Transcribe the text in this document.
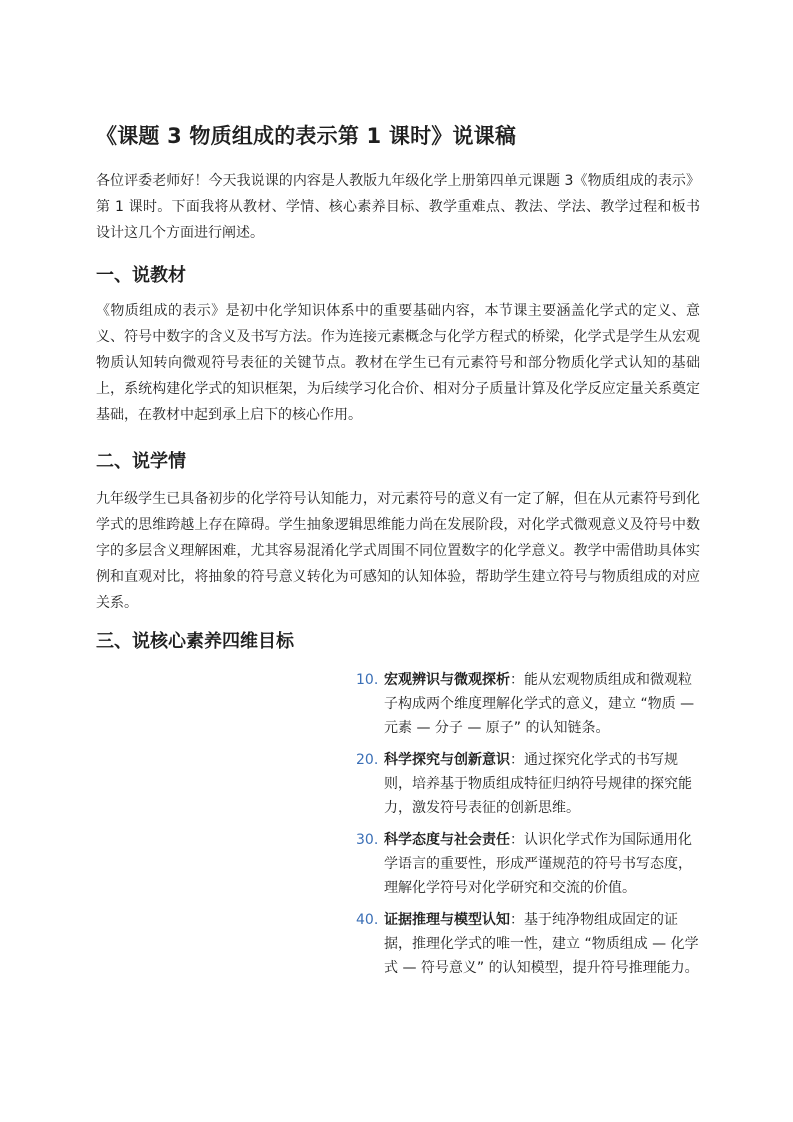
《课题 3 物质组成的表示第 1 课时》说课稿

各位评委老师好！今天我说课的内容是人教版九年级化学上册第四单元课题 3《物质组成的表示》第 1 课时。下面我将从教材、学情、核心素养目标、教学重难点、教法、学法、教学过程和板书设计这几个方面进行阐述。

一、说教材

《物质组成的表示》是初中化学知识体系中的重要基础内容，本节课主要涵盖化学式的定义、意义、符号中数字的含义及书写方法。作为连接元素概念与化学方程式的桥梁，化学式是学生从宏观物质认知转向微观符号表征的关键节点。教材在学生已有元素符号和部分物质化学式认知的基础上，系统构建化学式的知识框架，为后续学习化合价、相对分子质量计算及化学反应定量关系奠定基础，在教材中起到承上启下的核心作用。

二、说学情

九年级学生已具备初步的化学符号认知能力，对元素符号的意义有一定了解，但在从元素符号到化学式的思维跨越上存在障碍。学生抽象逻辑思维能力尚在发展阶段，对化学式微观意义及符号中数字的多层含义理解困难，尤其容易混淆化学式周围不同位置数字的化学意义。教学中需借助具体实例和直观对比，将抽象的符号意义转化为可感知的认知体验，帮助学生建立符号与物质组成的对应关系。

三、说核心素养四维目标
10. 宏观辨识与微观探析：能从宏观物质组成和微观粒子构成两个维度理解化学式的意义，建立 “物质 — 元素 — 分子 — 原子” 的认知链条。
20. 科学探究与创新意识：通过探究化学式的书写规则，培养基于物质组成特征归纳符号规律的探究能力，激发符号表征的创新思维。
30. 科学态度与社会责任：认识化学式作为国际通用化学语言的重要性，形成严谨规范的符号书写态度，理解化学符号对化学研究和交流的价值。
40. 证据推理与模型认知：基于纯净物组成固定的证据，推理化学式的唯一性，建立 “物质组成 — 化学式 — 符号意义” 的认知模型，提升符号推理能力。
